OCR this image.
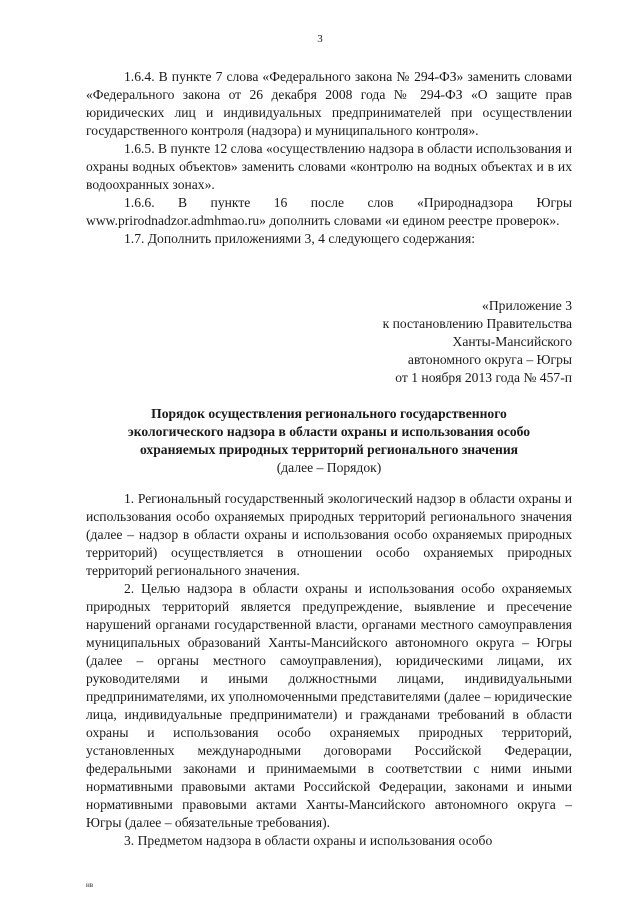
3

1.6.4. В пункте 7 слова «Федерального закона № 294-ФЗ» заменить словами «Федерального закона от 26 декабря 2008 года № 294-ФЗ «О защите прав юридических лиц и индивидуальных предпринимателей при осуществлении государственного контроля (надзора) и муниципального контроля».

1.6.5. В пункте 12 слова «осуществлению надзора в области использования и охраны водных объектов» заменить словами «контролю на водных объектах и в их водоохранных зонах».

1.6.6. В пункте 16 после слов «Природнадзора Югры www.prirodnadzor.admhmao.ru» дополнить словами «и едином реестре проверок».

1.7. Дополнить приложениями 3, 4 следующего содержания:

«Приложение 3
к постановлению Правительства
Ханты-Мансийского
автономного округа – Югры
от 1 ноября 2013 года № 457-п
Порядок осуществления регионального государственного
экологического надзора в области охраны и использования особо
охраняемых природных территорий регионального значения
(далее – Порядок)

1. Региональный государственный экологический надзор в области охраны и использования особо охраняемых природных территорий регионального значения (далее – надзор в области охраны и использования особо охраняемых природных территорий) осуществляется в отношении особо охраняемых природных территорий регионального значения.

2. Целью надзора в области охраны и использования особо охраняемых природных территорий является предупреждение, выявление и пресечение нарушений органами государственной власти, органами местного самоуправления муниципальных образований Ханты-Мансийского автономного округа – Югры (далее – органы местного самоуправления), юридическими лицами, их руководителями и иными должностными лицами, индивидуальными предпринимателями, их уполномоченными представителями (далее – юридические лица, индивидуальные предприниматели) и гражданами требований в области охраны и использования особо охраняемых природных территорий, установленных международными договорами Российской Федерации, федеральными законами и принимаемыми в соответствии с ними иными нормативными правовыми актами Российской Федерации, законами и иными нормативными правовыми актами Ханты-Мансийского автономного округа – Югры (далее – обязательные требования).

3. Предметом надзора в области охраны и использования особо

нв
